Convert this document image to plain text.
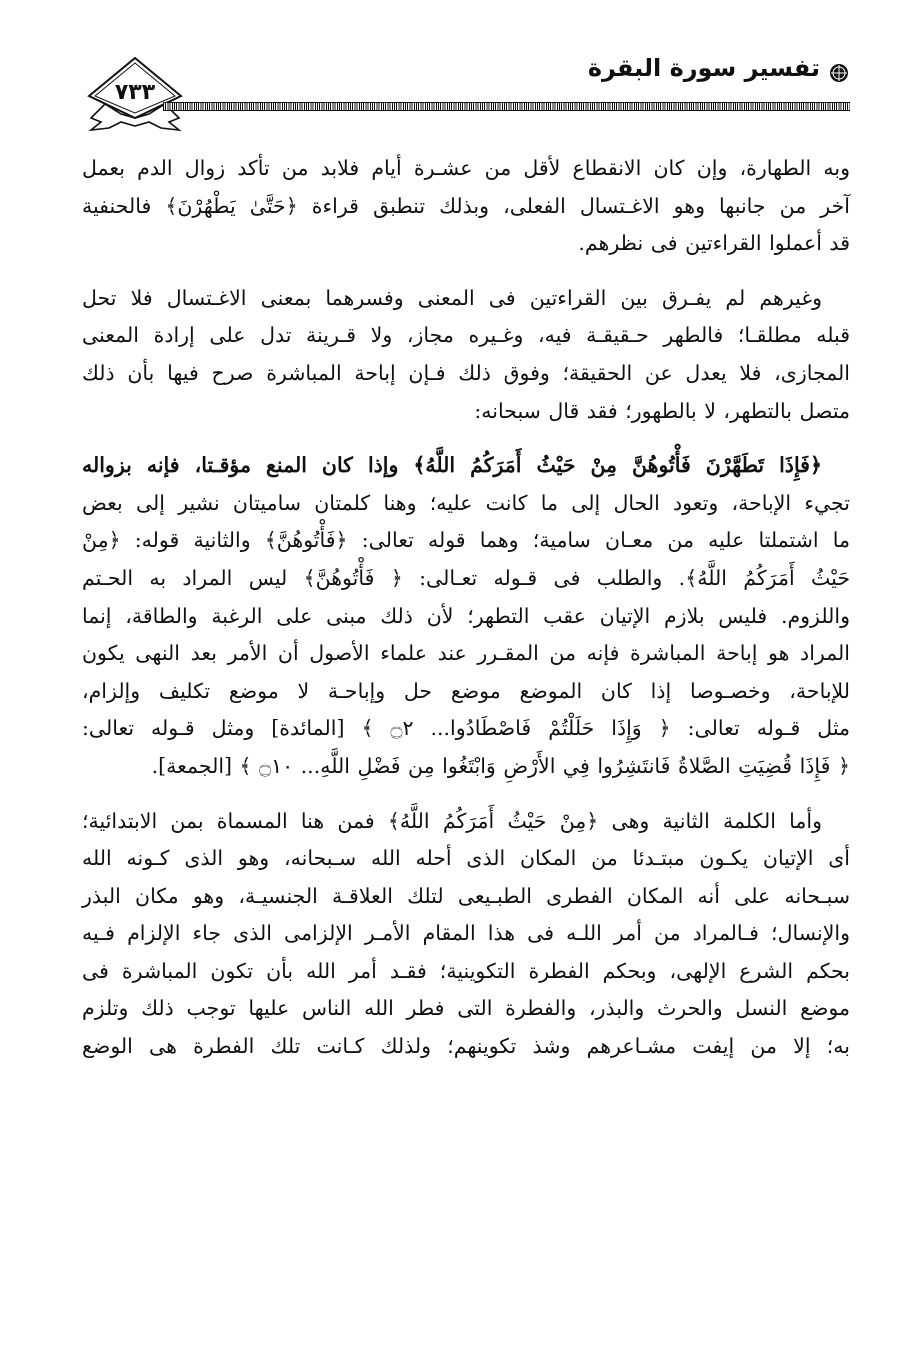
٧٣٣
تفسير سورة البقرة
وبه الطهارة، وإن كان الانقطاع لأقل من عشـرة أيام فلابد من تأكد زوال الدم بعمل
آخر من جانبها وهو الاغـتسال الفعلى، وبذلك تنطبق قراءة ﴿حَتَّىٰ يَطْهُرْنَ﴾ فالحنفية
قد أعملوا القراءتين فى نظرهم.
وغيرهم لم يفـرق بين القراءتين فى المعنى وفسرهما بمعنى الاغـتسال فلا تحل
قبله مطلقـا؛ فالطهر حـقيقـة فيه، وغـيره مجاز، ولا قـرينة تدل على إرادة المعنى
المجازى، فلا يعدل عن الحقيقة؛ وفوق ذلك فـإن إباحة المباشرة صرح فيها بأن ذلك
متصل بالتطهر، لا بالطهور؛ فقد قال سبحانه:
﴿فَإِذَا تَطَهَّرْنَ فَأْتُوهُنَّ مِنْ حَيْثُ أَمَرَكُمُ اللَّهُ﴾ وإذا كان المنع مؤقـتا، فإنه بزواله
تجيء الإباحة، وتعود الحال إلى ما كانت عليه؛ وهنا كلمتان ساميتان نشير إلى بعض
ما اشتملتا عليه من معـان سامية؛ وهما قوله تعالى: ﴿فَأْتُوهُنَّ﴾ والثانية قوله: ﴿مِنْ
حَيْثُ أَمَرَكُمُ اللَّهُ﴾. والطلب فى قـوله تعـالى: ﴿ فَأْتُوهُنَّ﴾ ليس المراد به الحـتم
واللزوم. فليس بلازم الإتيان عقب التطهر؛ لأن ذلك مبنى على الرغبة والطاقة، إنما
المراد هو إباحة المباشرة فإنه من المقـرر عند علماء الأصول أن الأمر بعد النهى يكون
للإباحة، وخصـوصا إذا كان الموضع موضع حل وإباحـة لا موضع تكليف وإلزام،
مثل قـوله تعالى: ﴿ وَإِذَا حَلَلْتُمْ فَاصْطَادُوا... ۝٢ ﴾ [المائدة] ومثل قـوله تعالى:
﴿ فَإِذَا قُضِيَتِ الصَّلاةُ فَانتَشِرُوا فِي الأَرْضِ وَابْتَغُوا مِن فَضْلِ اللَّهِ... ۝١٠ ﴾ [الجمعة].
وأما الكلمة الثانية وهى ﴿مِنْ حَيْثُ أَمَرَكُمُ اللَّهُ﴾ فمن هنا المسماة بمن الابتدائية؛
أى الإتيان يكـون مبتـدئا من المكان الذى أحله الله سـبحانه، وهو الذى كـونه الله
سبـحانه على أنه المكان الفطرى الطبـيعى لتلك العلاقـة الجنسيـة، وهو مكان البذر
والإنسال؛ فـالمراد من أمر اللـه فى هذا المقام الأمـر الإلزامى الذى جاء الإلزام فـيه
بحكم الشرع الإلهى، وبحكم الفطرة التكوينية؛ فقـد أمر الله بأن تكون المباشرة فى
موضع النسل والحرث والبذر، والفطرة التى فطر الله الناس عليها توجب ذلك وتلزم
به؛ إلا من إيفت مشـاعرهم وشذ تكوينهم؛ ولذلك كـانت تلك الفطرة هى الوضع
